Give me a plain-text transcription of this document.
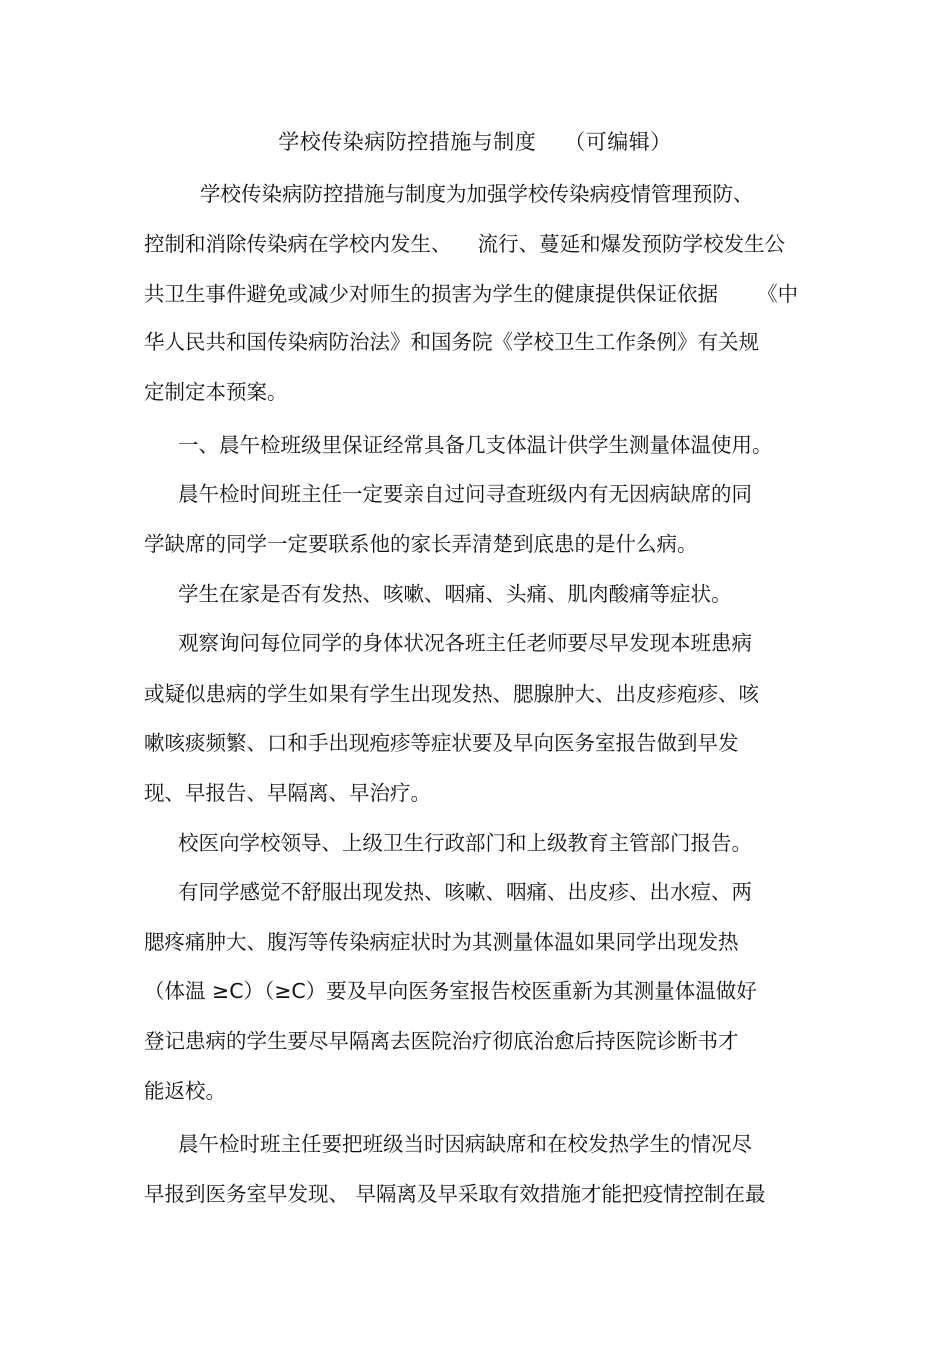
学校传染病防控措施与制度 （可编辑）
学校传染病防控措施与制度为加强学校传染病疫情管理预防、
控制和消除传染病在学校内发生、    流行、蔓延和爆发预防学校发生公
共卫生事件避免或减少对师生的损害为学生的健康提供保证依据      《中
华人民共和国传染病防治法》和国务院《学校卫生工作条例》有关规
定制定本预案。
一、晨午检班级里保证经常具备几支体温计供学生测量体温使用。
晨午检时间班主任一定要亲自过问寻查班级内有无因病缺席的同
学缺席的同学一定要联系他的家长弄清楚到底患的是什么病。
学生在家是否有发热、咳嗽、咽痛、头痛、肌肉酸痛等症状。
观察询问每位同学的身体状况各班主任老师要尽早发现本班患病
或疑似患病的学生如果有学生出现发热、腮腺肿大、出皮疹疱疹、咳
嗽咳痰频繁、口和手出现疱疹等症状要及早向医务室报告做到早发
现、早报告、早隔离、早治疗。
校医向学校领导、上级卫生行政部门和上级教育主管部门报告。
有同学感觉不舒服出现发热、咳嗽、咽痛、出皮疹、出水痘、两
腮疼痛肿大、腹泻等传染病症状时为其测量体温如果同学出现发热
（体温 ≥C）（≥C）要及早向医务室报告校医重新为其测量体温做好
登记患病的学生要尽早隔离去医院治疗彻底治愈后持医院诊断书才
能返校。
晨午检时班主任要把班级当时因病缺席和在校发热学生的情况尽
早报到医务室早发现、 早隔离及早采取有效措施才能把疫情控制在最
